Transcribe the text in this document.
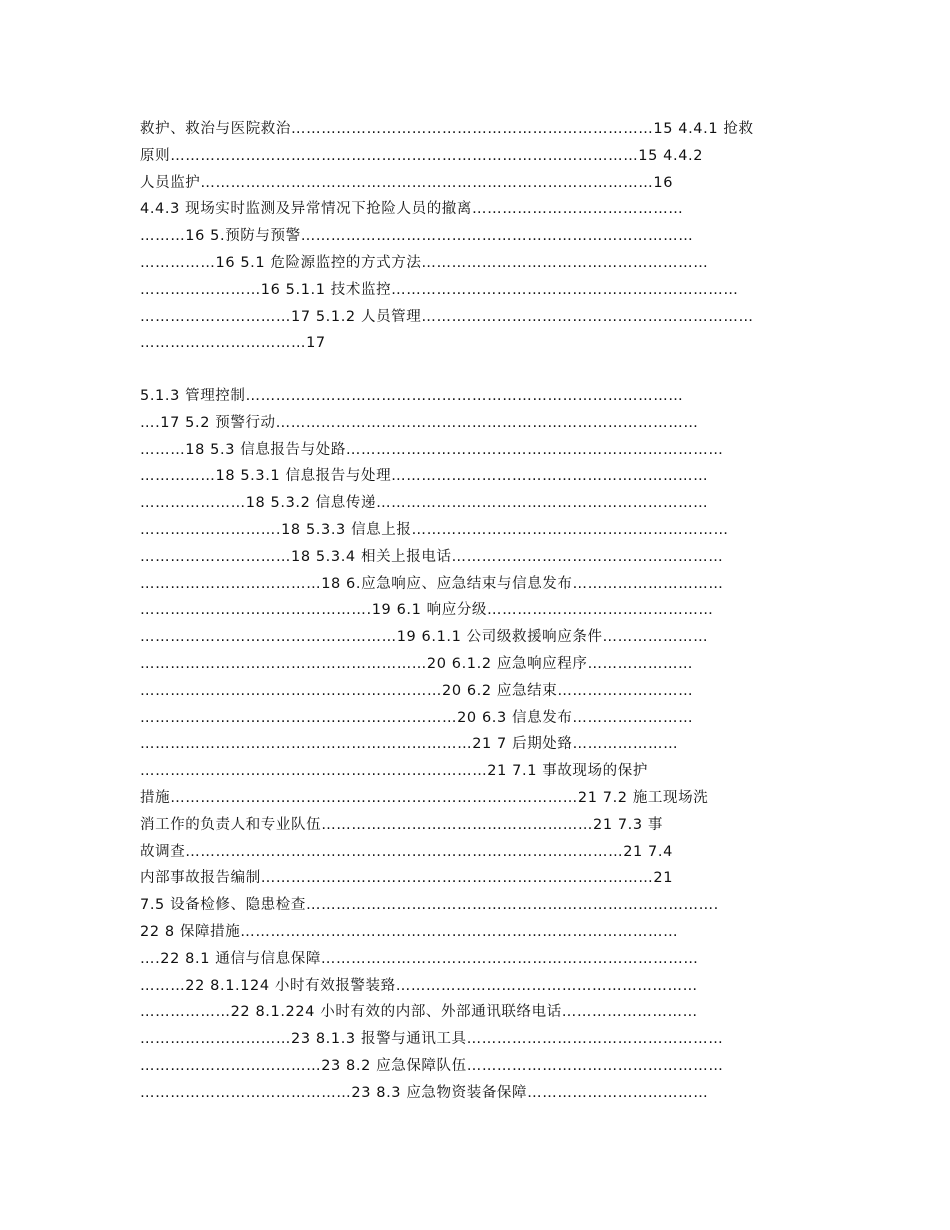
救护、救治与医院救治………………………………………………………………15 4.4.1 抢救
原则…………………………………………………………………………………15 4.4.2
人员监护………………………………………………………………………………16
4.4.3 现场实时监测及异常情况下抢险人员的撤离……………………………………
………16 5.预防与预警……………………………………………………………………
……………16 5.1 危险源监控的方式方法…………………………………………………
……………………16 5.1.1 技术监控……………………………………………………………
…………………………17 5.1.2 人员管理…………………………………………………………
……………………………17
5.1.3 管理控制……………………………………………………………………………
….17 5.2 预警行动…………………………………………………………………………
………18 5.3 信息报告与处路…………………………………………………………………
……………18 5.3.1 信息报告与处理………………………………………………………
…………………18 5.3.2 信息传递…………………………………………………………
……………………….18 5.3.3 信息上报………………………………………………………
…………………………18 5.3.4 相关上报电话………………………………………………
………………………………18 6.应急响应、应急结束与信息发布…………………………
……………………………………….19 6.1 响应分级………………………………………
……………………………………………19 6.1.1 公司级救援响应条件…………………
…………………………………………………20 6.1.2 应急响应程序…………………
……………………………………………………20 6.2 应急结束………………………
………………………………………………………20 6.3 信息发布……………………
…………………………………………………………21 7 后期处臵…………………
……………………………………………………………21 7.1 事故现场的保护
措施………………………………………………………………………21 7.2 施工现场洗
消工作的负责人和专业队伍………………………………………………21 7.3 事
故调查……………………………………………………………………………21 7.4
内部事故报告编制……………………………………………………………………21
7.5 设备检修、隐患检查……………………………………………………………………….
22 8 保障措施……………………………………………………………………………
….22 8.1 通信与信息保障…………………………………………………………………
………22 8.1.124 小时有效报警装臵……………………………………………………
………………22 8.1.224 小时有效的内部、外部通讯联络电话………………………
…………………………23 8.1.3 报警与通讯工具……………………………………………
………………………………23 8.2 应急保障队伍……………………………………………
……………………………………23 8.3 应急物资装备保障………………………………
